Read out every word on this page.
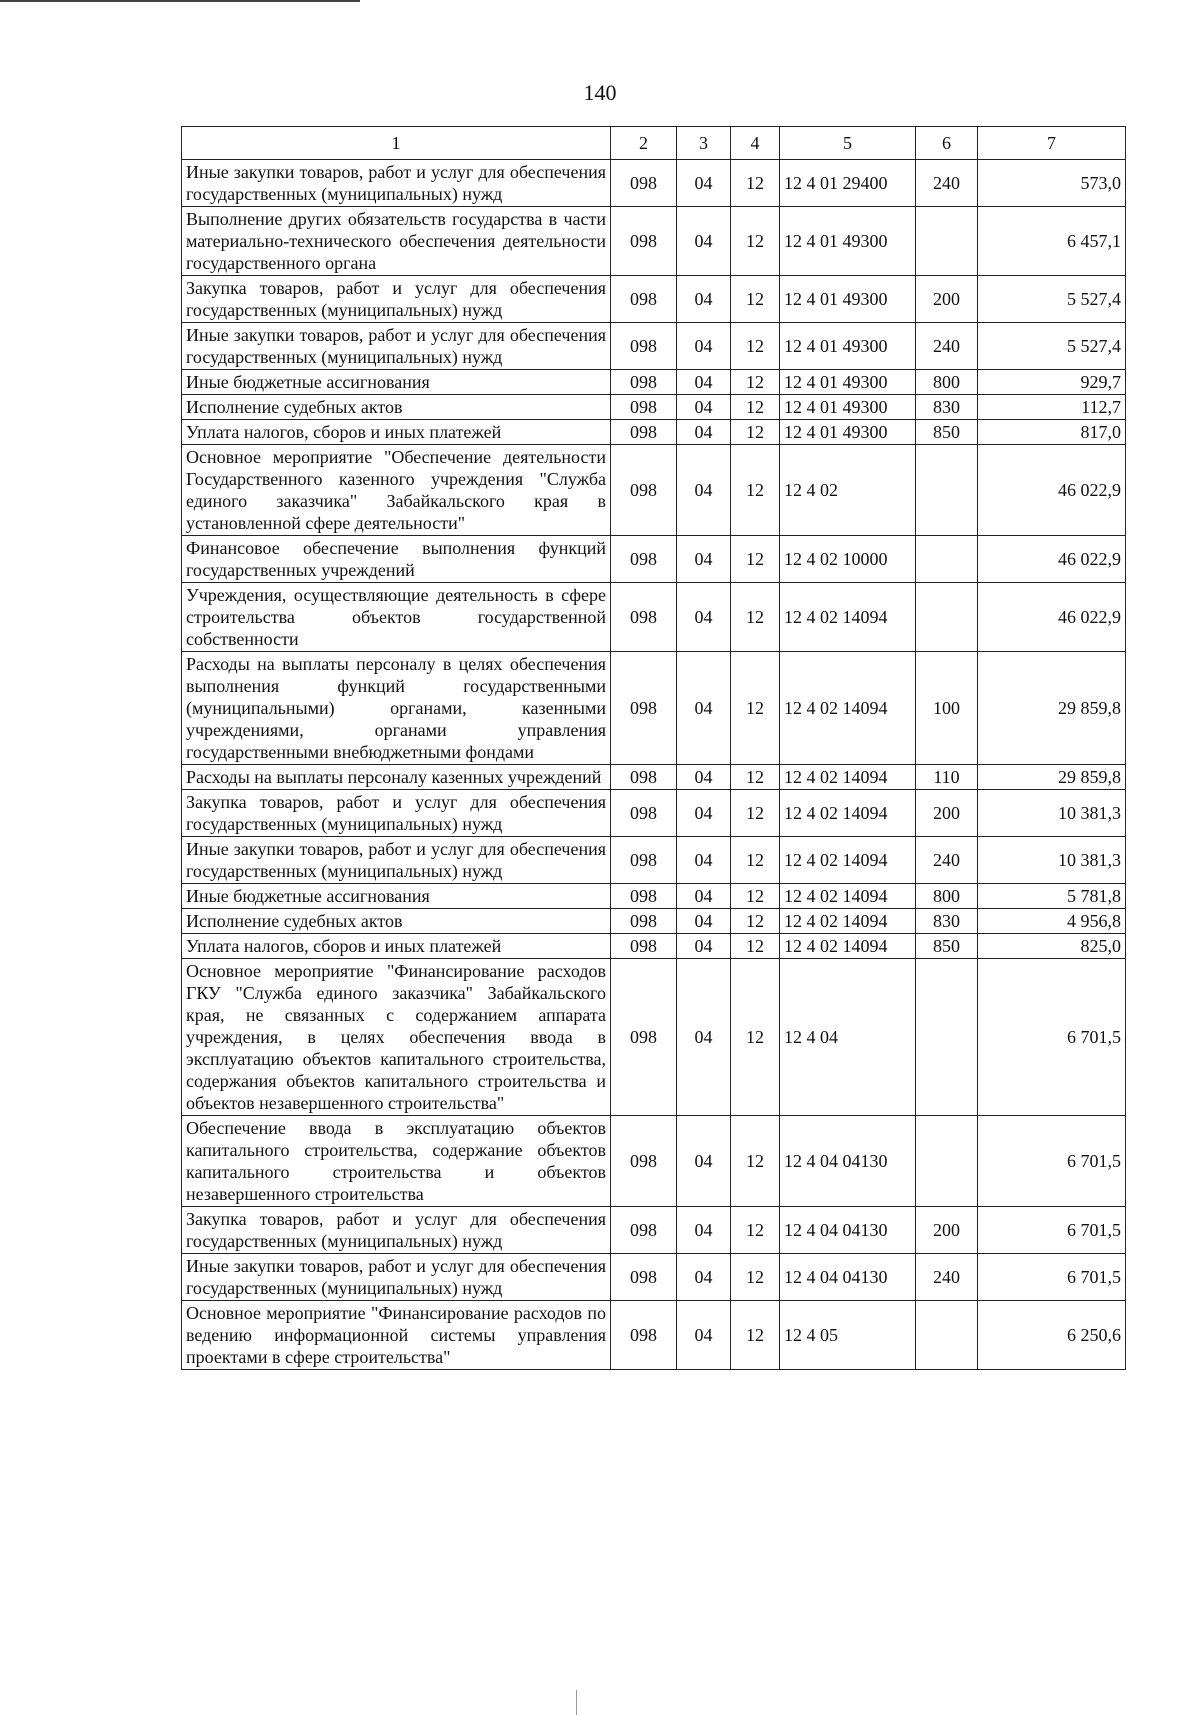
140
1	2	3	4	5	6	7
Иные закупки товаров, работ и услуг для обеспечения государственных (муниципальных) нужд	098	04	12	12 4 01 29400	240	573,0
Выполнение других обязательств государства в части материально-технического обеспечения деятельности государственного органа	098	04	12	12 4 01 49300		6 457,1
Закупка товаров, работ и услуг для обеспечения государственных (муниципальных) нужд	098	04	12	12 4 01 49300	200	5 527,4
Иные закупки товаров, работ и услуг для обеспечения государственных (муниципальных) нужд	098	04	12	12 4 01 49300	240	5 527,4
Иные бюджетные ассигнования	098	04	12	12 4 01 49300	800	929,7
Исполнение судебных актов	098	04	12	12 4 01 49300	830	112,7
Уплата налогов, сборов и иных платежей	098	04	12	12 4 01 49300	850	817,0
Основное мероприятие "Обеспечение деятельности Государственного казенного учреждения "Служба единого заказчика" Забайкальского края в установленной сфере деятельности"	098	04	12	12 4 02		46 022,9
Финансовое обеспечение выполнения функций государственных учреждений	098	04	12	12 4 02 10000		46 022,9
Учреждения, осуществляющие деятельность в сфере строительства объектов государственной собственности	098	04	12	12 4 02 14094		46 022,9
Расходы на выплаты персоналу в целях обеспечения выполнения функций государственными (муниципальными) органами, казенными учреждениями, органами управления государственными внебюджетными фондами	098	04	12	12 4 02 14094	100	29 859,8
Расходы на выплаты персоналу казенных учреждений	098	04	12	12 4 02 14094	110	29 859,8
Закупка товаров, работ и услуг для обеспечения государственных (муниципальных) нужд	098	04	12	12 4 02 14094	200	10 381,3
Иные закупки товаров, работ и услуг для обеспечения государственных (муниципальных) нужд	098	04	12	12 4 02 14094	240	10 381,3
Иные бюджетные ассигнования	098	04	12	12 4 02 14094	800	5 781,8
Исполнение судебных актов	098	04	12	12 4 02 14094	830	4 956,8
Уплата налогов, сборов и иных платежей	098	04	12	12 4 02 14094	850	825,0
Основное мероприятие "Финансирование расходов ГКУ "Служба единого заказчика" Забайкальского края, не связанных с содержанием аппарата учреждения, в целях обеспечения ввода в эксплуатацию объектов капитального строительства, содержания объектов капитального строительства и объектов незавершенного строительства"	098	04	12	12 4 04		6 701,5
Обеспечение ввода в эксплуатацию объектов капитального строительства, содержание объектов капитального строительства и объектов незавершенного строительства	098	04	12	12 4 04 04130		6 701,5
Закупка товаров, работ и услуг для обеспечения государственных (муниципальных) нужд	098	04	12	12 4 04 04130	200	6 701,5
Иные закупки товаров, работ и услуг для обеспечения государственных (муниципальных) нужд	098	04	12	12 4 04 04130	240	6 701,5
Основное мероприятие "Финансирование расходов по ведению информационной системы управления проектами в сфере строительства"	098	04	12	12 4 05		6 250,6
